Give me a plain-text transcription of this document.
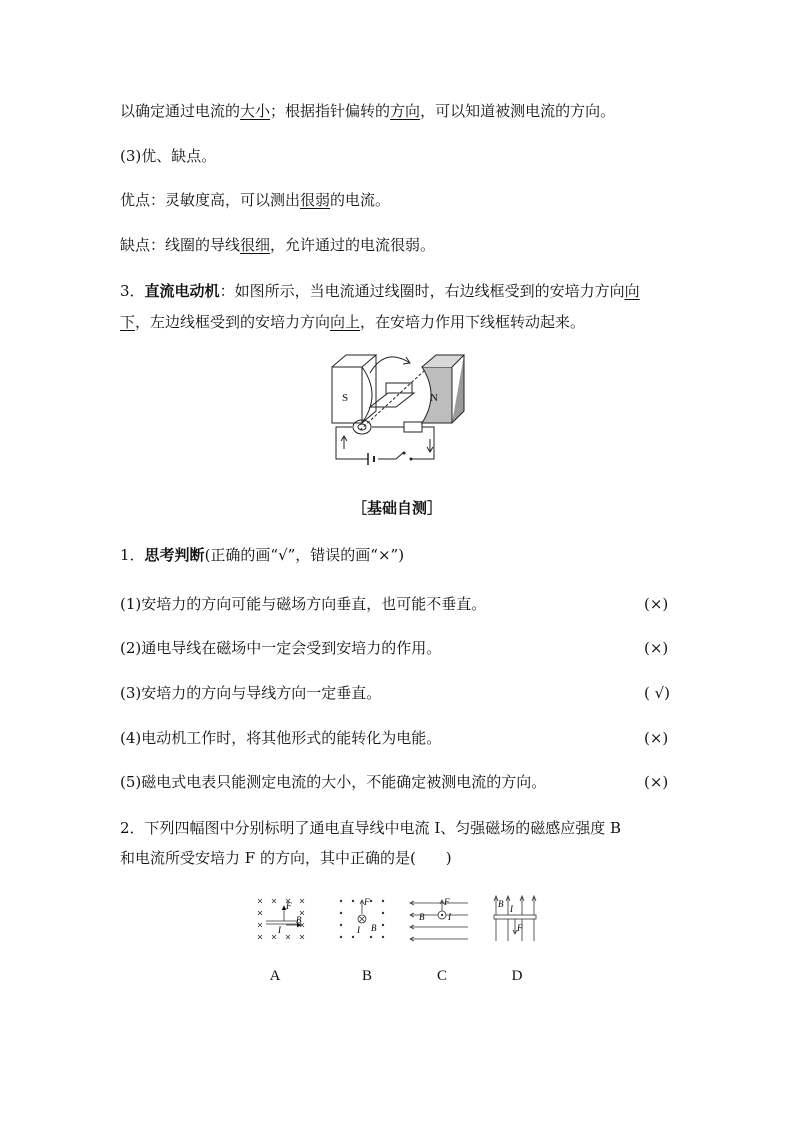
以确定通过电流的大小；根据指针偏转的方向，可以知道被测电流的方向。
(3)优、缺点。
优点：灵敏度高，可以测出很弱的电流。
缺点：线圈的导线很细，允许通过的电流很弱。
3．直流电动机：如图所示，当电流通过线圈时，右边线框受到的安培力方向向
下，左边线框受到的安培力方向向上，在安培力作用下线框转动起来。
S	N
［基础自测］
1．思考判断(正确的画“√”，错误的画“×”)
(1)安培力的方向可能与磁场方向垂直，也可能不垂直。	(×)
(2)通电导线在磁场中一定会受到安培力的作用。	(×)
(3)安培力的方向与导线方向一定垂直。	( √)
(4)电动机工作时，将其他形式的能转化为电能。	(×)
(5)磁电式电表只能测定电流的大小，不能确定被测电流的方向。	(×)
2．下列四幅图中分别标明了通电直导线中电流 I、匀强磁场的磁感应强度 B
和电流所受安培力 F 的方向，其中正确的是(　　)
F
I
B
F
I B
F
B	I
B I
F
A	B	C	D
